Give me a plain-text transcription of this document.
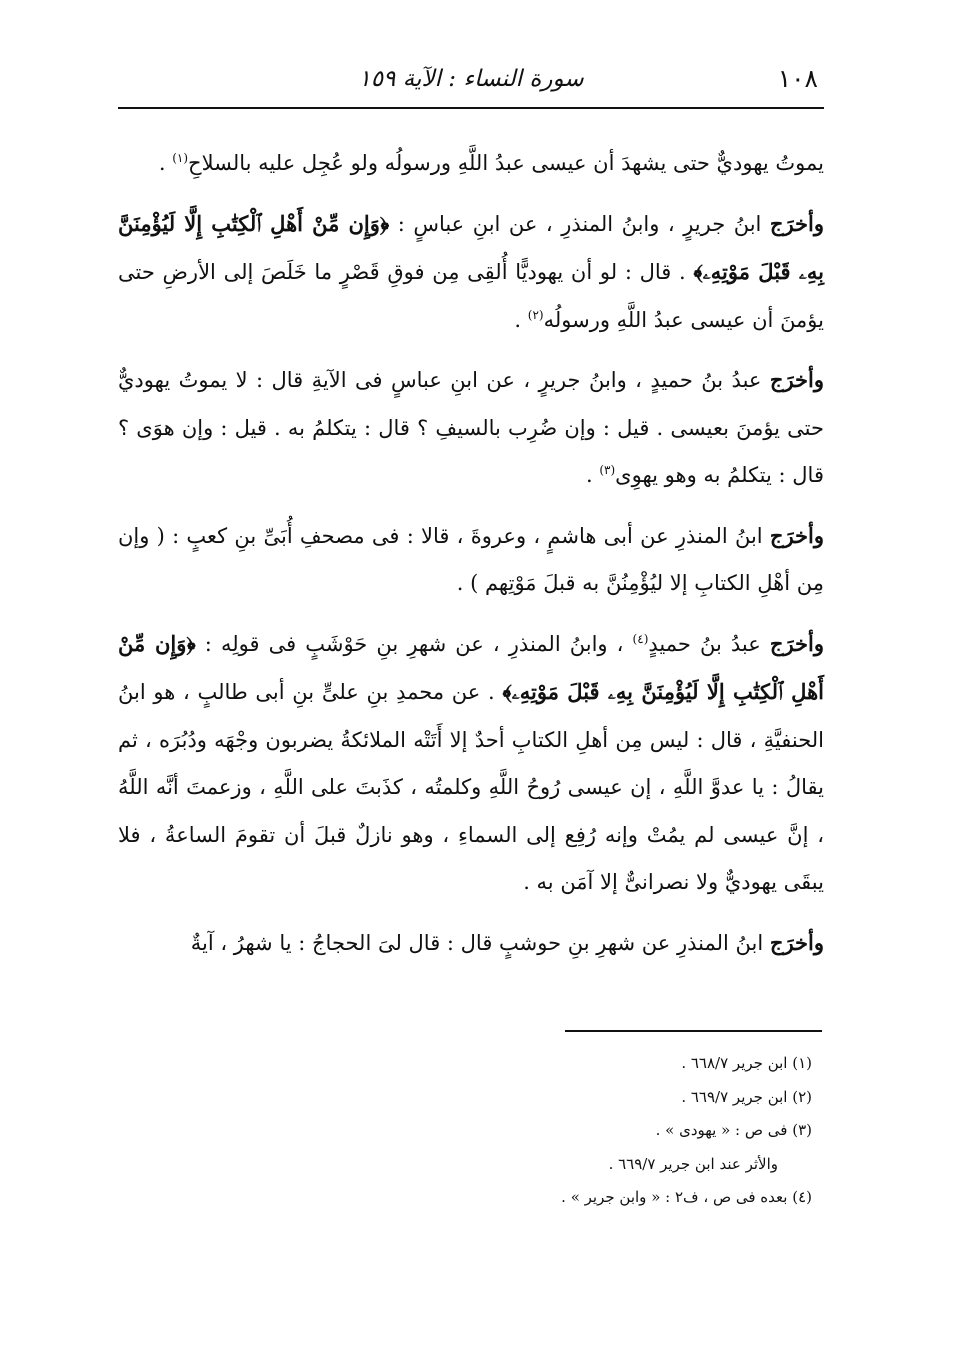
١٠٨
سورة النساء : الآية ١٥٩

يموتُ يهوديٌّ حتى يشهدَ أن عيسى عبدُ اللَّهِ ورسولُه ولو عُجِل عليه بالسلاحِ$^{(١)}$ .

وأخرَج ابنُ جريرٍ ، وابنُ المنذرِ ، عن ابنِ عباسٍ : ﴿وَإِن مِّنْ أَهْلِ ٱلْكِتَٰبِ إِلَّا لَيُؤْمِنَنَّ بِهِۦ قَبْلَ مَوْتِهِۦ﴾ . قال : لو أن يهوديًّا أُلقِى مِن فوقِ قَصْرٍ ما خَلَصَ إلى الأرضِ حتى يؤمنَ أن عيسى عبدُ اللَّهِ ورسولُه$^{(٢)}$ .

وأخرَج عبدُ بنُ حميدٍ ، وابنُ جريرٍ ، عن ابنِ عباسٍ فى الآيةِ قال : لا يموتُ يهوديٌّ حتى يؤمنَ بعيسى . قيل : وإن ضُرِب بالسيفِ ؟ قال : يتكلمُ به . قيل : وإن هوَى ؟ قال : يتكلمُ به وهو يهوِى$^{(٣)}$ .

وأخرَج ابنُ المنذرِ عن أبى هاشمٍ ، وعروةَ ، قالا : فى مصحفِ أُبَىِّ بنِ كعبٍ : ( وإن مِن أهْلِ الكتابِ إلا ليُؤْمِنُنَّ به قبلَ مَوْتِهم ) .

وأخرَج عبدُ بنُ حميدٍ$^{(٤)}$ ، وابنُ المنذرِ ، عن شهرِ بنِ حَوْشَبٍ فى قولِه : ﴿وَإِن مِّنْ أَهْلِ ٱلْكِتَٰبِ إِلَّا لَيُؤْمِنَنَّ بِهِۦ قَبْلَ مَوْتِهِۦ﴾ . عن محمدِ بنِ علىٍّ بنِ أبى طالبٍ ، هو ابنُ الحنفيَّةِ ، قال : ليس مِن أهلِ الكتابِ أحدٌ إلا أَتَتْه الملائكةُ يضربون وجْهَه ودُبُرَه ، ثم يقالُ : يا عدوَّ اللَّهِ ، إن عيسى رُوحُ اللَّهِ وكلمتُه ، كذَبتَ على اللَّهِ ، وزعمتَ أنَّه اللَّهُ ، إنَّ عيسى لم يمُتْ وإنه رُفِع إلى السماءِ ، وهو نازلٌ قبلَ أن تقومَ الساعةُ ، فلا يبقَى يهوديٌّ ولا نصرانىٌّ إلا آمَن به .

وأخرَج ابنُ المنذرِ عن شهرِ بنِ حوشبٍ قال : قال لىَ الحجاجُ : يا شهرُ ، آيةٌ

(١) ابن جرير ٦٦٨/٧ .

(٢) ابن جرير ٦٦٩/٧ .

(٣) فى ص : « يهودى » .

والأثر عند ابن جرير ٦٦٩/٧ .

(٤) بعده فى ص ، ف٢ : « وابن جرير » .
